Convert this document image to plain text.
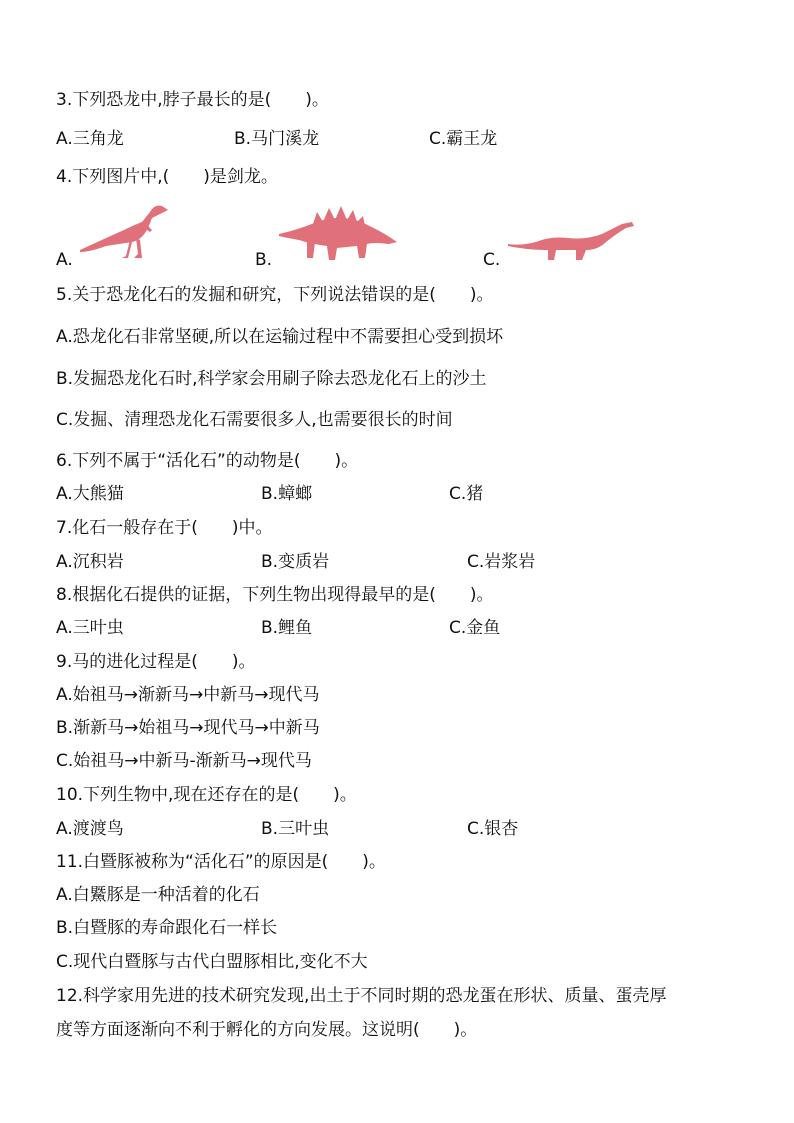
3.下列恐龙中,脖子最长的是(　　)。
A.三角龙	B.马门溪龙	C.霸王龙
4.下列图片中,(　　)是剑龙。
A.	B.	C.
5.关于恐龙化石的发掘和研究，下列说法错误的是(　　)。
A.恐龙化石非常坚硬,所以在运输过程中不需要担心受到损坏
B.发掘恐龙化石时,科学家会用刷子除去恐龙化石上的沙土
C.发掘、清理恐龙化石需要很多人,也需要很长的时间
6.下列不属于“活化石”的动物是(　　)。
A.大熊猫	B.蟑螂	C.猪
7.化石一般存在于(　　)中。
A.沉积岩	B.变质岩	C.岩浆岩
8.根据化石提供的证据，下列生物出现得最早的是(　　)。
A.三叶虫	B.鲤鱼	C.金鱼
9.马的进化过程是(　　)。
A.始祖马→渐新马→中新马→现代马
B.渐新马→始祖马→现代马→中新马
C.始祖马→中新马-渐新马→现代马
10.下列生物中,现在还存在的是(　　)。
A.渡渡鸟	B.三叶虫	C.银杏
11.白暨豚被称为“活化石”的原因是(　　)。
A.白鱀豚是一种活着的化石
B.白暨豚的寿命跟化石一样长
C.现代白暨豚与古代白盟豚相比,变化不大
12.科学家用先进的技术研究发现,出土于不同时期的恐龙蛋在形状、质量、蛋壳厚
度等方面逐渐向不利于孵化的方向发展。这说明(　　)。
